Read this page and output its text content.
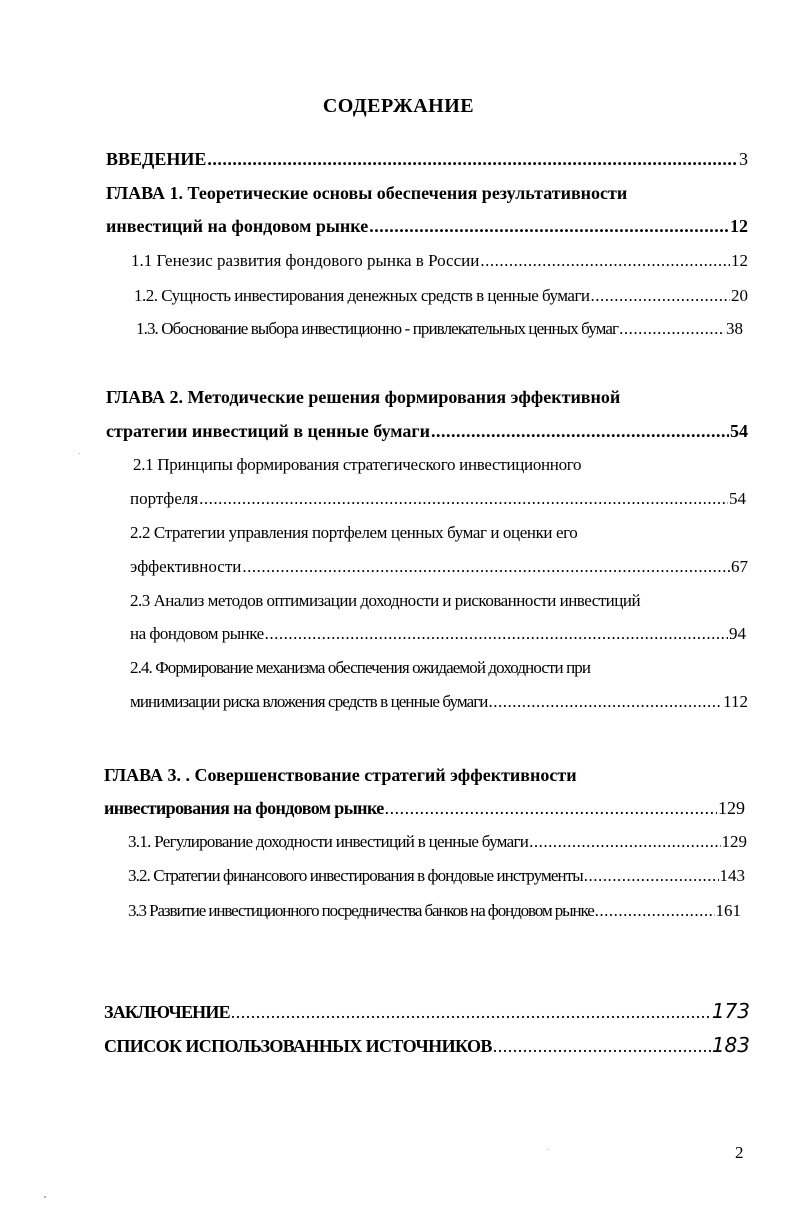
СОДЕРЖАНИЕ
ВВЕДЕНИЕ .....	3
ГЛАВА 1. Теоретические основы обеспечения результативности
инвестиций на фондовом рынке .....	12
1.1 Генезис развития фондового рынка в России .....	12
1.2. Сущность инвестирования денежных средств в ценные бумаги .....	20
1.3. Обоснование выбора инвестиционно - привлекательных ценных бумаг .....	38
ГЛАВА 2. Методические решения формирования эффективной
стратегии инвестиций в ценные бумаги .....	54
2.1 Принципы формирования стратегического инвестиционного
портфеля .....	54
2.2 Стратегии управления портфелем ценных бумаг и оценки его
эффективности .....	67
2.3 Анализ методов оптимизации доходности и рискованности инвестиций
на фондовом рынке .....	94
2.4. Формирование механизма обеспечения ожидаемой доходности при
минимизации риска вложения средств в ценные бумаги .....	112
ГЛАВА 3. . Совершенствование стратегий эффективности
инвестирования на фондовом рынке .....	129
3.1. Регулирование доходности инвестиций в ценные бумаги .....	129
3.2. Стратегии финансового инвестирования в фондовые инструменты .....	143
3.3 Развитие инвестиционного посредничества банков на фондовом рынке .....	161
ЗАКЛЮЧЕНИЕ .....	173
СПИСОК ИСПОЛЬЗОВАННЫХ ИСТОЧНИКОВ .....	183
2
